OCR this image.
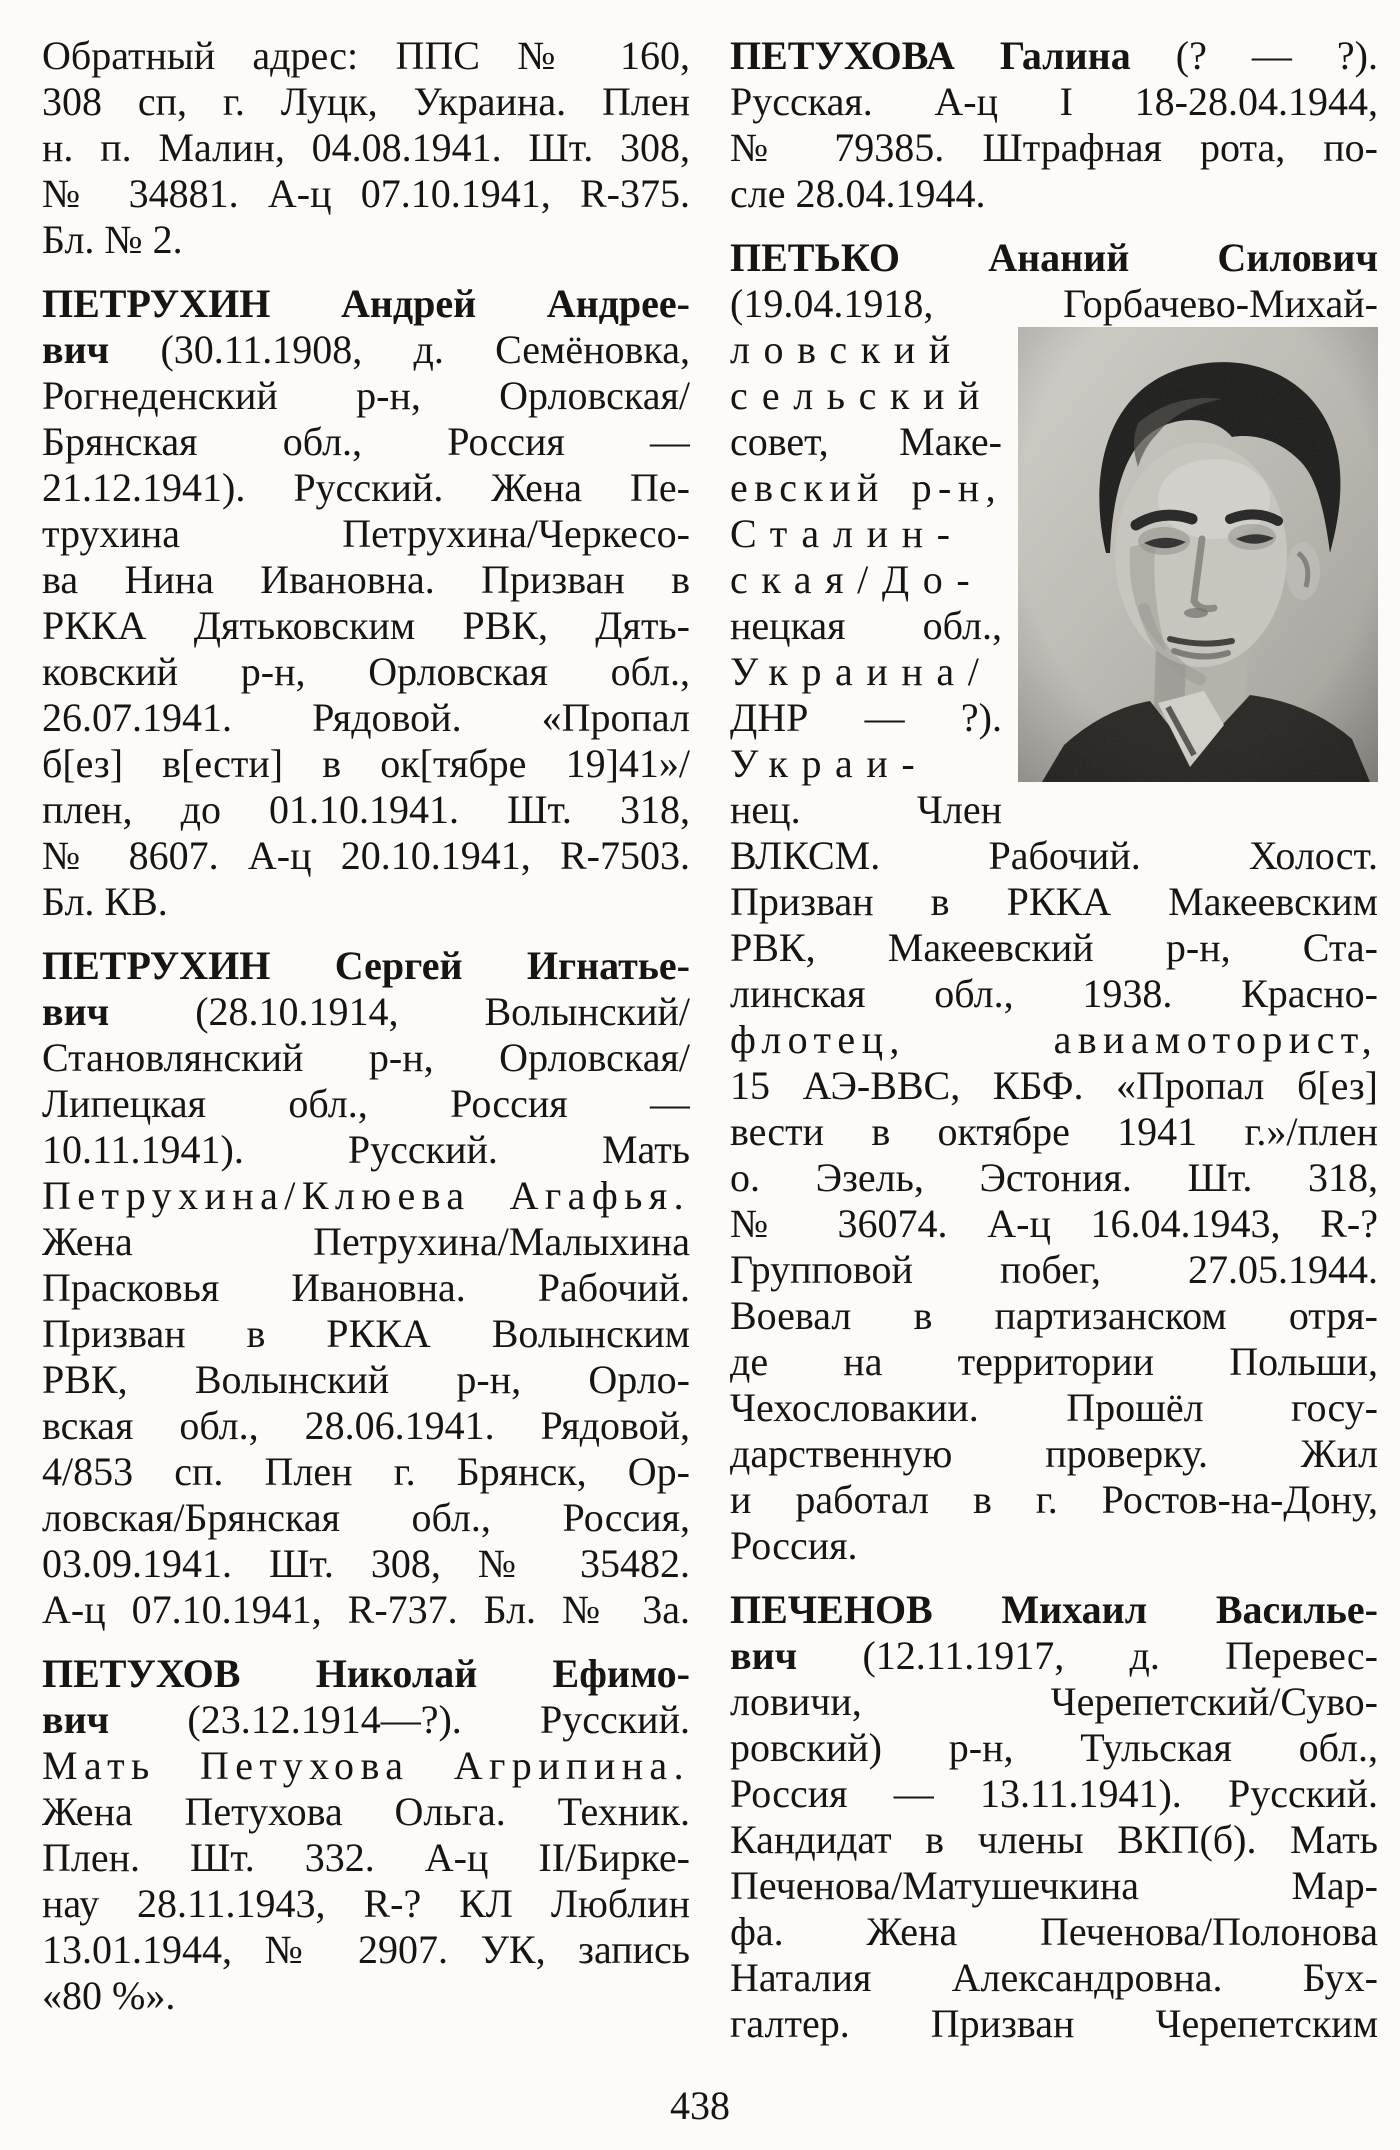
Обратный адрес: ППС № 160,
308 сп, г. Луцк, Украина. Плен
н. п. Малин, 04.08.1941. Шт. 308,
№ 34881. А-ц 07.10.1941, R-375.
Бл. № 2.
ПЕТРУХИН Андрей Андрее-
вич (30.11.1908, д. Семёновка,
Рогнеденский р-н, Орловская/
Брянская обл., Россия —
21.12.1941). Русский. Жена Пе-
трухина Петрухина/Черкесо-
ва Нина Ивановна. Призван в
РККА Дятьковским РВК, Дять-
ковский р-н, Орловская обл.,
26.07.1941. Рядовой. «Пропал
б[ез] в[ести] в ок[тябре 19]41»/
плен, до 01.10.1941. Шт. 318,
№ 8607. А-ц 20.10.1941, R-7503.
Бл. КВ.
ПЕТРУХИН Сергей Игнатье-
вич (28.10.1914, Волынский/
Становлянский р-н, Орловская/
Липецкая обл., Россия —
10.11.1941). Русский. Мать
Петрухина/Клюева Агафья.
Жена Петрухина/Малыхина
Прасковья Ивановна. Рабочий.
Призван в РККА Волынским
РВК, Волынский р-н, Орло-
вская обл., 28.06.1941. Рядовой,
4/853 сп. Плен г. Брянск, Ор-
ловская/Брянская обл., Россия,
03.09.1941. Шт. 308, № 35482.
А-ц 07.10.1941, R-737. Бл. № 3а.
ПЕТУХОВ Николай Ефимо-
вич (23.12.1914—?). Русский.
Мать Петухова Агрипина.
Жена Петухова Ольга. Техник.
Плен. Шт. 332. А-ц II/Бирке-
нау 28.11.1943, R-? КЛ Люблин
13.01.1944, № 2907. УК, запись
«80 %».
ПЕТУХОВА Галина (? — ?).
Русская. А-ц I 18-28.04.1944,
№ 79385. Штрафная рота, по-
сле 28.04.1944.
ПЕТЬКО Ананий Силович
(19.04.1918, Горбачево-Михай-
ловский
сельский
совет, Маке-
евский р-н,
Сталин-
ская/До-
нецкая обл.,
Украина/
ДНР — ?).
Украи-
нец. Член
ВЛКСМ. Рабочий. Холост.
Призван в РККА Макеевским
РВК, Макеевский р-н, Ста-
линская обл., 1938. Красно-
флотец, авиамоторист,
15 АЭ-ВВС, КБФ. «Пропал б[ез]
вести в октябре 1941 г.»/плен
о. Эзель, Эстония. Шт. 318,
№ 36074. А-ц 16.04.1943, R-?
Групповой побег, 27.05.1944.
Воевал в партизанском отря-
де на территории Польши,
Чехословакии. Прошёл госу-
дарственную проверку. Жил
и работал в г. Ростов-на-Дону,
Россия.
ПЕЧЕНОВ Михаил Василье-
вич (12.11.1917, д. Перевес-
ловичи, Черепетский/Суво-
ровский) р-н, Тульская обл.,
Россия — 13.11.1941). Русский.
Кандидат в члены ВКП(б). Мать
Печенова/Матушечкина Мар-
фа. Жена Печенова/Полонова
Наталия Александровна. Бух-
галтер. Призван Черепетским
438
